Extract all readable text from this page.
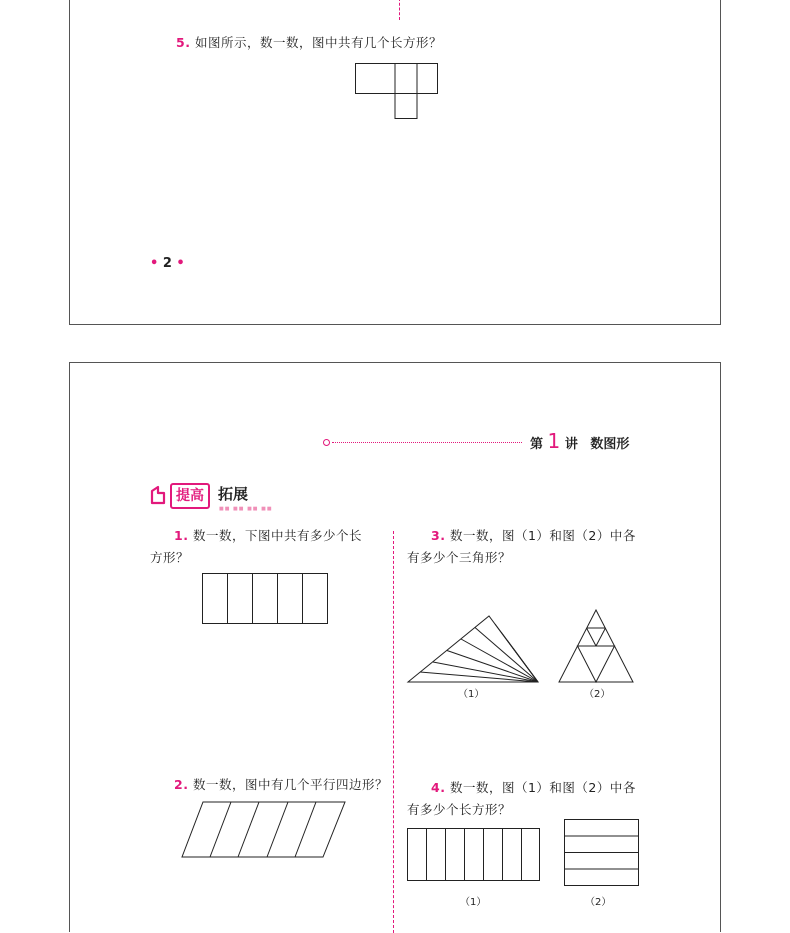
5. 如图所示，数一数，图中共有几个长方形？
• 2 •
第 1 讲 数图形
提高 拓展
■■ ■■ ■■ ■■
1. 数一数，下图中共有多少个长
方形？
2. 数一数，图中有几个平行四边形？
3. 数一数，图（1）和图（2）中各
有多少个三角形？
（1）	（2）
4. 数一数，图（1）和图（2）中各
有多少个长方形？
（1）	（2）
